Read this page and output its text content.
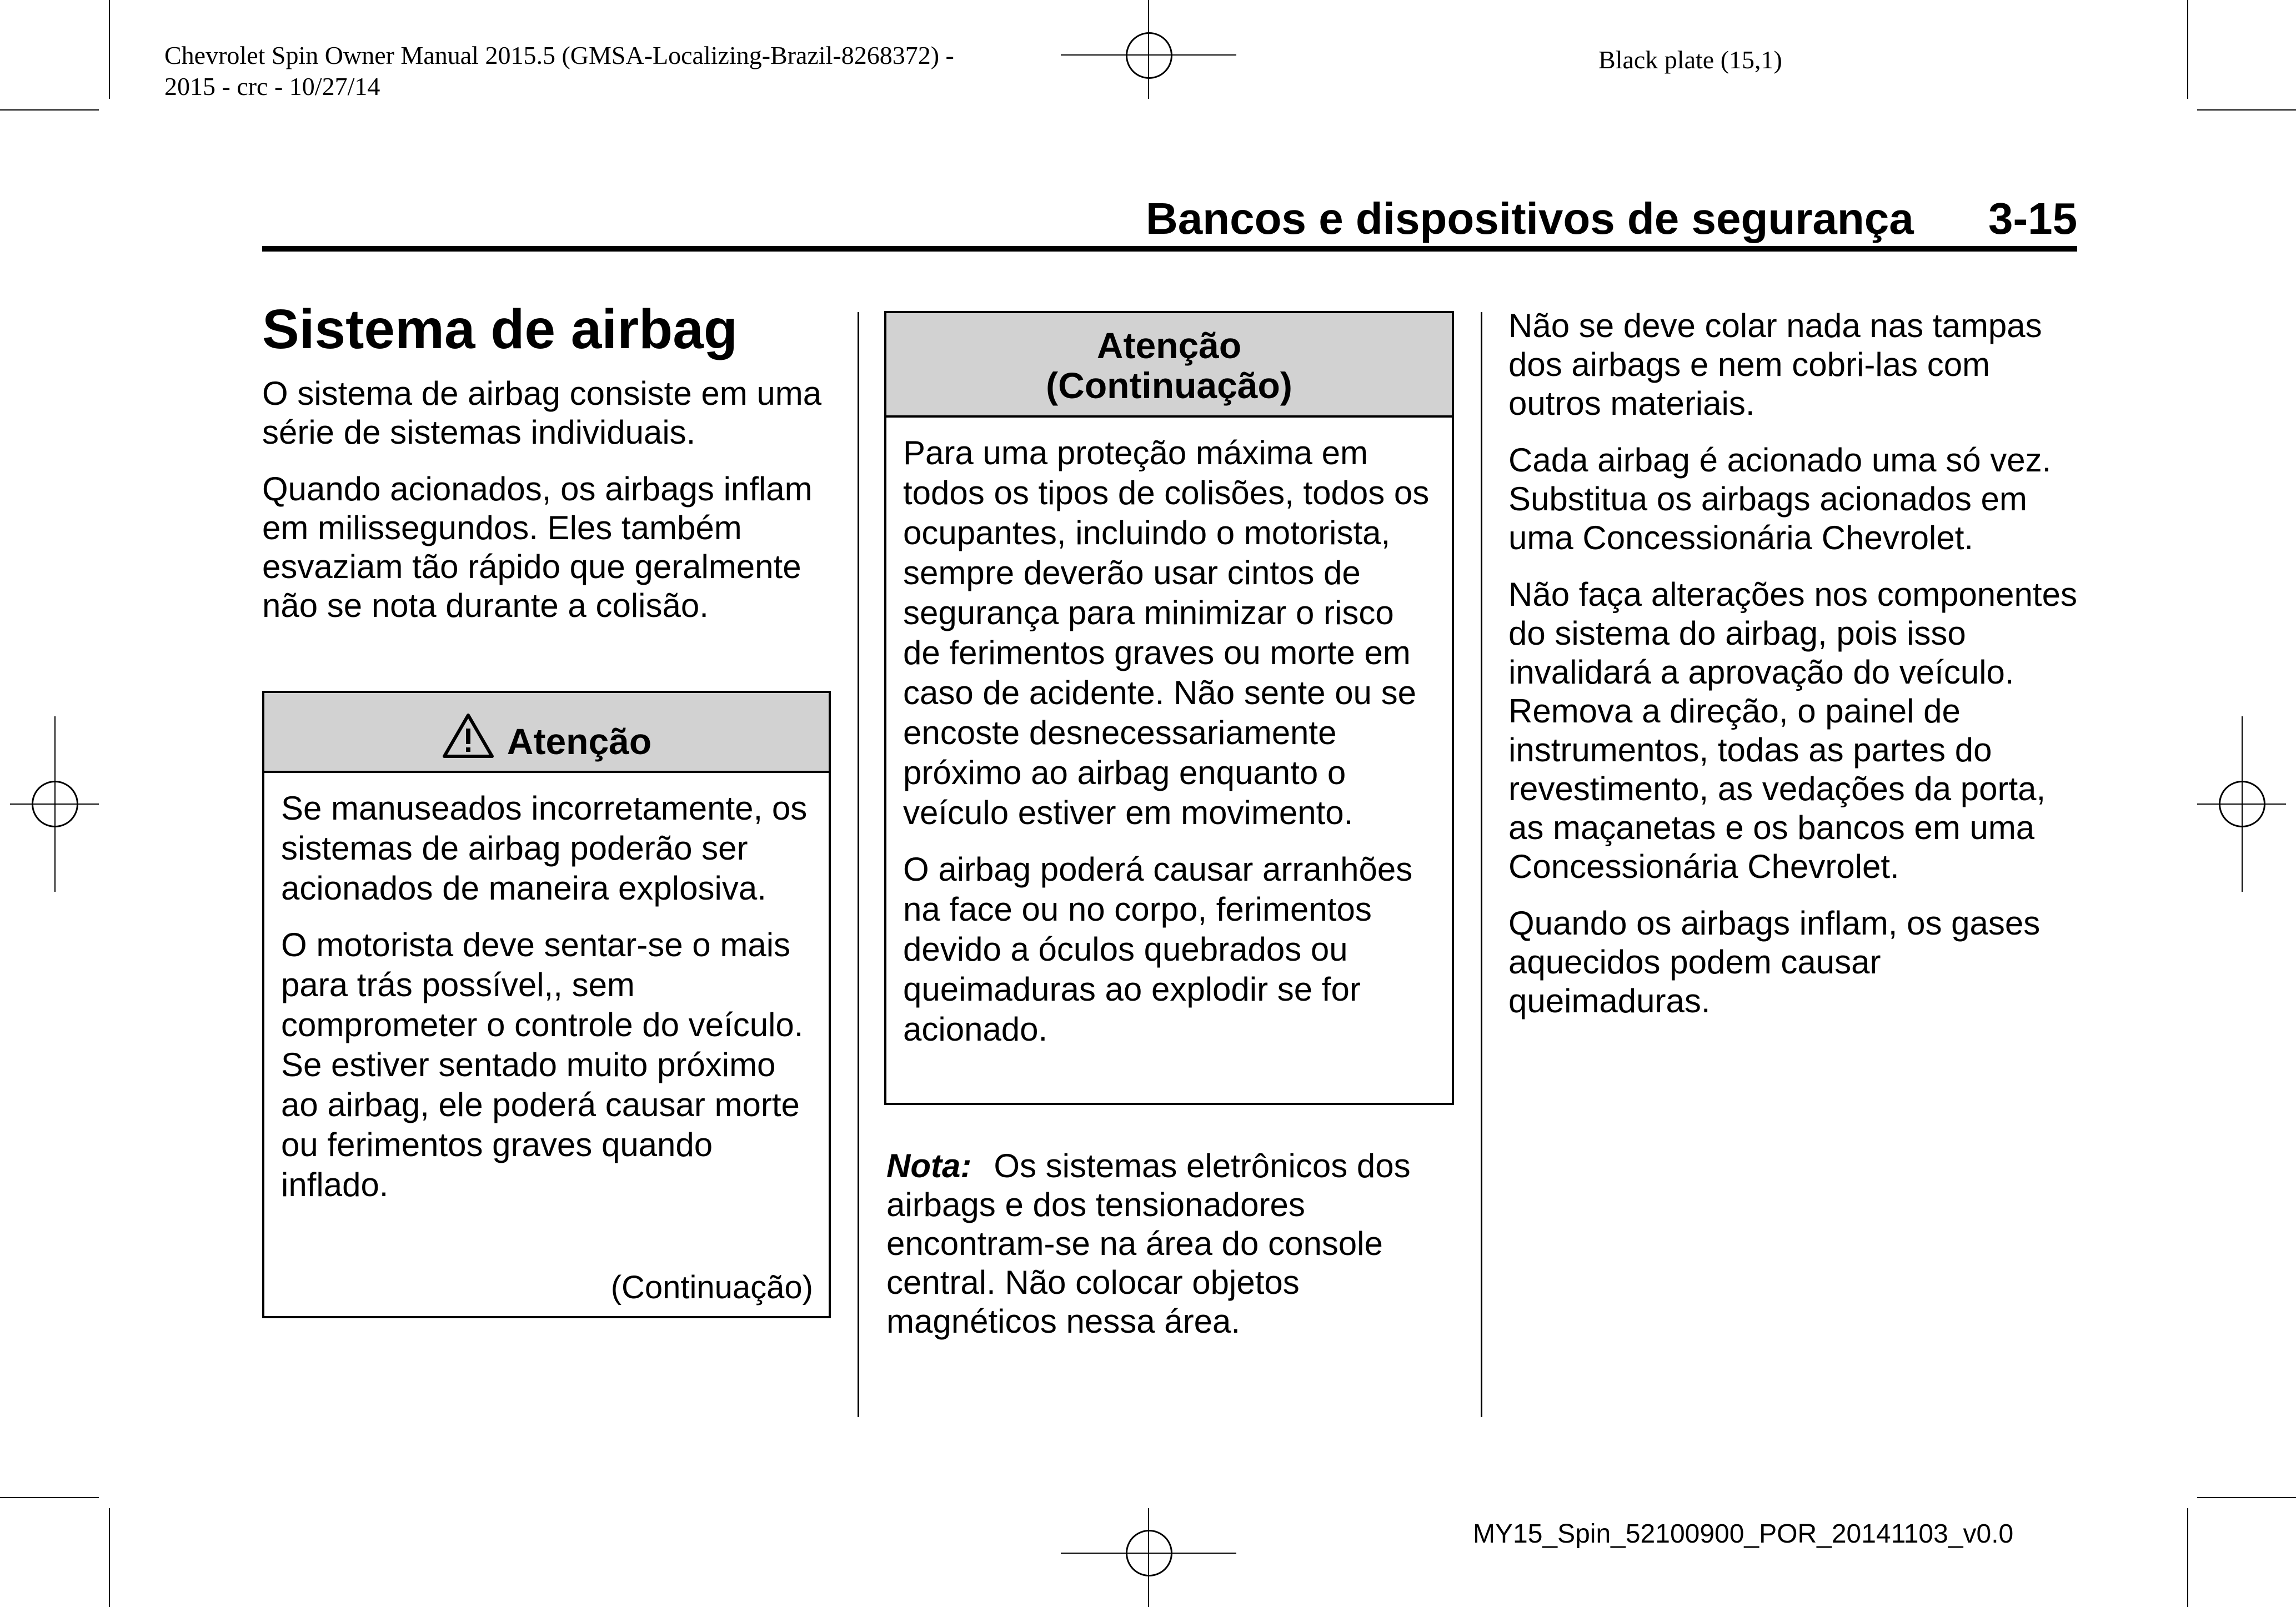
Chevrolet Spin Owner Manual 2015.5 (GMSA-Localizing-Brazil-8268372) -
2015 - crc - 10/27/14
Black plate (15,1)
Bancos e dispositivos de segurança 3-15
Sistema de airbag

O sistema de airbag consiste em uma série de sistemas individuais.

Quando acionados, os airbags inflam em milissegundos. Eles também esvaziam tão rápido que geralmente não se nota durante a colisão.

Atenção

Se manuseados incorretamente, os sistemas de airbag poderão ser acionados de maneira explosiva.

O motorista deve sentar-se o mais para trás possível,, sem comprometer o controle do veículo. Se estiver sentado muito próximo ao airbag, ele poderá causar morte ou ferimentos graves quando inflado.

(Continuação)
Atenção
(Continuação)

Para uma proteção máxima em todos os tipos de colisões, todos os ocupantes, incluindo o motorista, sempre deverão usar cintos de segurança para minimizar o risco de ferimentos graves ou morte em caso de acidente. Não sente ou se encoste desnecessariamente próximo ao airbag enquanto o veículo estiver em movimento.

O airbag poderá causar arranhões na face ou no corpo, ferimentos devido a óculos quebrados ou queimaduras ao explodir se for acionado.

Nota: Os sistemas eletrônicos dos airbags e dos tensionadores encontram-se na área do console central. Não colocar objetos magnéticos nessa área.

Não se deve colar nada nas tampas dos airbags e nem cobri-las com outros materiais.

Cada airbag é acionado uma só vez. Substitua os airbags acionados em uma Concessionária Chevrolet.

Não faça alterações nos componentes do sistema do airbag, pois isso invalidará a aprovação do veículo. Remova a direção, o painel de instrumentos, todas as partes do revestimento, as vedações da porta, as maçanetas e os bancos em uma Concessionária Chevrolet.

Quando os airbags inflam, os gases aquecidos podem causar queimaduras.

MY15_Spin_52100900_POR_20141103_v0.0
